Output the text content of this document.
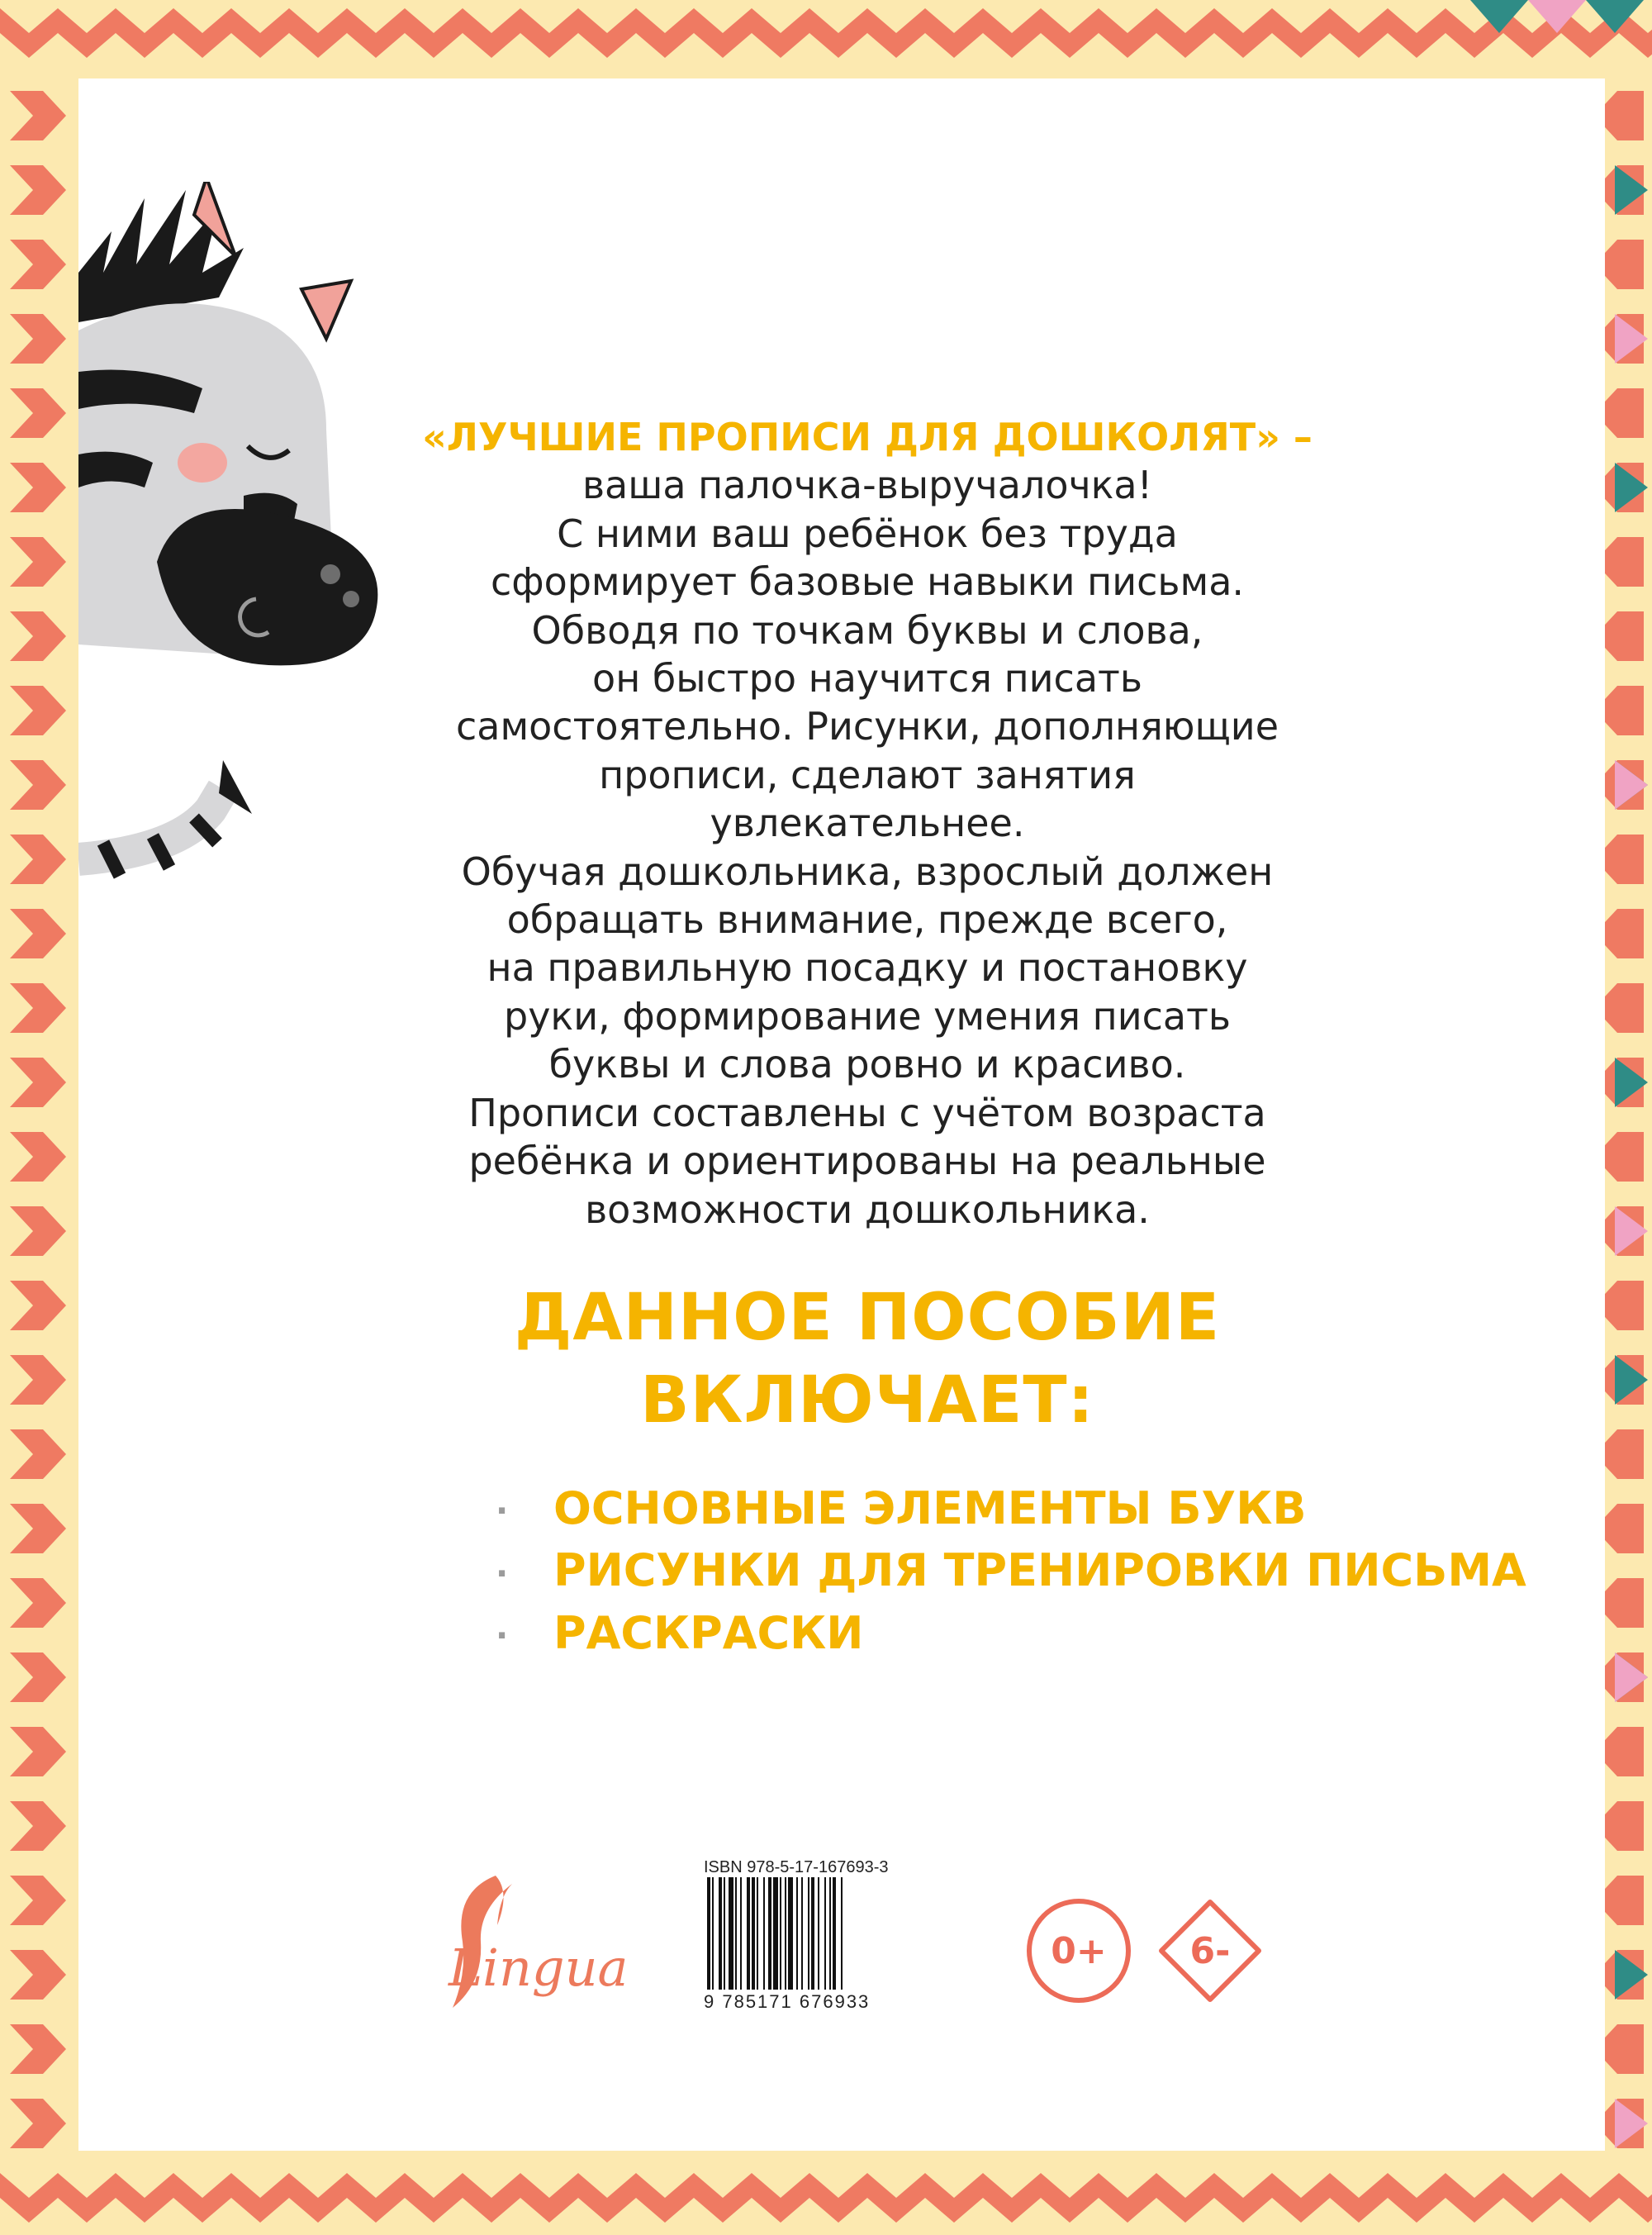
«ЛУЧШИЕ ПРОПИСИ ДЛЯ ДОШКОЛЯТ» –
ваша палочка-выручалочка!
С ними ваш ребёнок без труда
сформирует базовые навыки письма.
Обводя по точкам буквы и слова,
он быстро научится писать
самостоятельно. Рисунки, дополняющие
прописи, сделают занятия
увлекательнее.
Обучая дошкольника, взрослый должен
обращать внимание, прежде всего,
на правильную посадку и постановку
руки, формирование умения писать
буквы и слова ровно и красиво.
Прописи составлены с учётом возраста
ребёнка и ориентированы на реальные
возможности дошкольника.
ДАННОЕ ПОСОБИЕ
ВКЛЮЧАЕТ:
· ОСНОВНЫЕ ЭЛЕМЕНТЫ БУКВ
· РИСУНКИ ДЛЯ ТРЕНИРОВКИ ПИСЬМА
· РАСКРАСКИ
Lingua
ISBN 978-5-17-167693-3
9 785171 676933
0+ 6-
